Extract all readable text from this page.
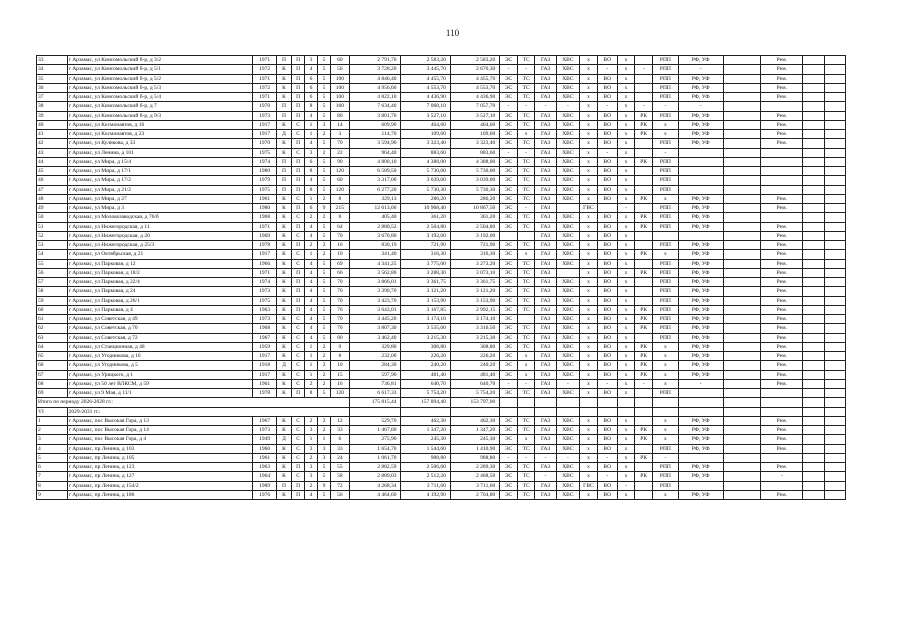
110
33	г Арзамас, ул Комсомольский б-р, д 3/2	1971	П	П	3	5	60	2 791,70	2 583,20	2 583,20	ЭС	ТС	ГАЗ	ХВС	х	ВО	х		РПП	РФ, УФ		Рем.		
34	г Арзамас, ул Комсомольский б-р, д 5/1	1972	К	П	4	5	56	3 728,20	3 445,70	2 670,30	-	-	ГАЗ	ХВС	х	-	х	-	РПП	-		Рем.		
35	г Арзамас, ул Комсомольский б-р, д 5/2	1971	К	П	6	5	100	4 846,40	4 455,70	4 455,70	ЭС	ТС	ГАЗ	ХВС	х	ВО	х		РПП	РФ, УФ		Рем.		
36	г Арзамас, ул Комсомольский б-р, д 5/3	1972	К	П	6	5	100	4 956,60	4 553,70	4 553,70	ЭС	ТС	ГАЗ	ХВС	х	ВО	х		РПП	РФ, УФ		Рем.		
37	г Арзамас, ул Комсомольский б-р, д 5/4	1971	К	П	6	5	100	4 822,10	4 436,90	4 436,90	ЭС	ТС	ГАЗ	ХВС	х	ВО	х		РПП	РФ, УФ		Рем.		
38	г Арзамас, ул Комсомольский б-р, д 7	1970	П	П	8	5	160	7 634,40	7 068,10	7 057,70	-	-	-	-	х	-	х	-	-	-				
39	г Арзамас, ул Комсомольский б-р, д 9/3	1973	П	П	4	5	80	3 801,70	3 527,10	3 527,10	ЭС	ТС	ГАЗ	ХВС	х	ВО	х	РК	РПП	РФ, УФ		Рем.		
40	г Арзамас, ул Космонавтов, д 16	1917	К	С	1	3	14	609,90	464,60	464,60	ЭС	ТС	ГАЗ	ХВС	х	ВО	х	РК	х	РФ, УФ		Рем.		
41	г Арзамас, ул Космонавтов, д 23	1917	Д	С	1	2	3	114,70	109,60	109,60	ЭС	х	ГАЗ	ХВС	х	ВО	х	РК	х	РФ, УФ		Рем.		
42	г Арзамас, ул Куликова, д 33	1970	К	П	4	5	70	3 594,90	3 323,40	3 323,40	ЭС	ТС	ГАЗ	ХВС	х	ВО	х		РПП	РФ, УФ		Рем.		
43	г Арзамас, ул Ленина, д 101	1975	К	С	3	2	22	964,40	883,60	883,60	-	-	ГАЗ	ХВС	х	-	х		-					
44	г Арзамас, ул Мира, д 15/4	1974	П	П	6	5	90	4 800,10	4 388,00	4 388,00	ЭС	ТС	ГАЗ	ХВС	х	ВО	х	РК	РПП					
45	г Арзамас, ул Мира, д 17/1	1980	П	П	8	5	120	6 589,50	5 730,00	5 730,00	ЭС	ТС	ГАЗ	ХВС	х	ВО	х		РПП					
46	г Арзамас, ул Мира, д 17/2	1979	П	П	4	5	60	3 317,00	3 039,00	3 039,00	ЭС	ТС	ГАЗ	ХВС	х	ВО	х		РПП					
47	г Арзамас, ул Мира, д 21/2	1975	П	П	8	5	120	6 277,20	5 730,30	5 730,30	ЭС	ТС	ГАЗ	ХВС	х	ВО	х		РПП					
48	г Арзамас, ул Мира, д 27	1961	К	С	1	2	8	329,13	286,20	286,20	ЭС	ТС	ГАЗ	ХВС	х	ВО	х	РК	х	РФ, УФ		Рем.		
49	г Арзамас, ул Мира, д 3	1980	К	П	6	9	215	12 613,66	10 968,40	10 867,50	ЭС	-	ГАЗ		ГВС		-		РПП	РФ, УФ		Рем.		
50	г Арзамас, ул Молокозаводская, д 76/б	1968	К	С	2	2	8	405,40	361,20	361,20	ЭС	ТС	ГАЗ	ХВС	х	ВО	х	РК	РПП	РФ, УФ				
51	г Арзамас, ул Нижегородская, д 11	1971	К	П	4	5	64	2 880,52	2 504,80	2 504,80	ЭС	ТС	ГАЗ	ХВС	х	ВО	х	РК	РПП	РФ, УФ		Рем.		
52	г Арзамас, ул Нижегородская, д 20	1969	К	С	4	5	70	3 670,80	3 192,00	3 192,00			ГАЗ	ХВС	х	ВО	х					Рем.		
53	г Арзамас, ул Нижегородская, д 25/3	1978	К	П	2	2	16	830,19	721,90	721,90	ЭС	ТС	ГАЗ	ХВС	х	ВО	х		РПП	РФ, УФ		Рем.		
54	г Арзамас, ул Октябрьская, д 21	1917	К	С	1	2	10	341,40	316,30	316,30	ЭС	х	ГАЗ	ХВС	х	ВО	х	РК	х	РФ, УФ		Рем.		
55	г Арзамас, ул Парковая, д 12	1966	К	С	4	5	69	4 341,25	3 775,00	3 273,20	ЭС	ТС	ГАЗ	ХВС	х	ВО	х		РПП	РФ, УФ		Рем.		
56	г Арзамас, ул Парковая, д 18/2	1971	К	П	4	5	66	3 562,80	3 288,30	3 073,10	ЭС	ТС	ГАЗ		х	ВО	х	РК	РПП	РФ, УФ		Рем.		
57	г Арзамас, ул Парковая, д 22/4	1974	К	П	4	5	70	3 866,01	3 361,75	3 361,75	ЭС	ТС	ГАЗ	ХВС	х	ВО	х		РПП	РФ, УФ		Рем.		
58	г Арзамас, ул Парковая, д 24	1973	К	П	4	5	70	3 390,70	3 121,20	3 121,20	ЭС	ТС	ГАЗ	ХВС	х	ВО	х		РПП	РФ, УФ		Рем.		
59	г Арзамас, ул Парковая, д 26/1	1975	К	П	4	5	70	3 423,70	3 153,90	3 153,90	ЭС	ТС	ГАЗ	ХВС	х	ВО	х		РПП	РФ, УФ		Рем.		
60	г Арзамас, ул Парковая, д 4	1963	К	П	4	5	76	3 643,01	3 167,85	2 992,15	ЭС	ТС	ГАЗ	ХВС	х	ВО	х	РК	РПП	РФ, УФ		Рем.		
61	г Арзамас, ул Советская, д 49	1973	К	С	4	5	70	3 445,20	3 174,10	3 174,10	ЭС		ГАЗ	ХВС	х	ВО	х	РК	РПП	РФ, УФ		Рем.		
62	г Арзамас, ул Советская, д 70	1968	К	С	4	5	70	3 807,30	3 535,00	3 316,50	ЭС	ТС	ГАЗ	ХВС	х	ВО	х	РК	РПП	РФ, УФ		Рем.		
63	г Арзамас, ул Советская, д 72	1967	К	С	4	5	80	3 462,40	3 215,30	3 215,30	ЭС	ТС	ГАЗ	ХВС	х	ВО	х		РПП	РФ, УФ		Рем.		
64	г Арзамас, ул Станционная, д 48	1959	К	С	1	2	9	329,80	308,80	308,80	ЭС	ТС	ГАЗ	ХВС	х	ВО	х	РК	х	РФ, УФ		Рем.		
65	г Арзамас, ул Угодникова, д 16	1917	К	С	1	2	8	232,00	226,20	226,20	ЭС	х	ГАЗ	ХВС	х	ВО	х	РК	х	РФ, УФ		Рем.		
66	г Арзамас, ул Угодникова, д 5	1918	Д	С	1	2	10	284,30	240,20	240,20	ЭС	х	ГАЗ	ХВС	х	ВО	х	РК	х	РФ, УФ		Рем.		
67	г Арзамас, ул Урицкого, д 1	1917	К	С	1	2	15	597,90	481,40	481,40	ЭС	х	ГАЗ	ХВС	х	ВО	х	РК	х	РФ, УФ		Рем.		
68	г Арзамас, ул 50 лет ВЛКСМ, д 59	1961	К	С	2	2	16	736,81	640,70	640,70	-	-	ГАЗ	-	х	-	х	-	х	-		Рем.		
69	г Арзамас, ул 9 Мая, д 11/1	1978	К	П	8	5	120	6 617,33	5 754,20	5 754,20	ЭС	ТС	ГАЗ	ХВС	х	ВО	х		РПП					
Итого по периоду 2026-2028 гг.:								175 815,44	157 894,40	153 797,00														
VI	2029-2031 гг.:																							
1	г Арзамас, пос Высокая Гора, д 13	1967	К	С	2	2	12	529,70	462,30	462,30	ЭС	ТС	ГАЗ	ХВС	х	ВО	х		х	РФ, УФ		Рем.		
2	г Арзамас, пос Высокая Гора, д 14	1973	К	С	3	2	33	1 467,60	1 347,20	1 347,20	ЭС	ТС	ГАЗ	ХВС	х	ВО	х	РК	х	РФ, УФ		Рем.		
3	г Арзамас, пос Высокая Гора, д 4	1949	Д	С	1	1	6	275,90	245,30	245,30	ЭС	х	ГАЗ	ХВС	х	ВО	х	РК	х	РФ, УФ		Рем.		
4	г Арзамас, пр Ленина, д 103	1960	К	С	3	3	33	1 654,70	1 544,60	1 410,90	ЭС	ТС	ГАЗ	ХВС	х	ВО	х		РПП	РФ, УФ		Рем.		
5	г Арзамас, пр Ленина, д 105	1961	К	С	2	3	24	1 061,70	988,80	988,80	-	-	-	-	х	-	х	РК	-					
6	г Арзамас, пр Ленина, д 123	1963	К	П	3	5	55	2 882,59	2 506,60	2 289,30	ЭС	ТС	ГАЗ	ХВС	х	ВО	х		РПП	РФ, УФ		Рем.		
7	г Арзамас, пр Ленина, д 127	1964	К	С	3	5	58	2 889,03	2 512,20	2 468,50	ЭС	ТС	-	ХВС	х	-	х	РК	РПП	РФ, УФ		-		
8	г Арзамас, пр Ленина, д 154/2	1989	П	П	2	9	72	4 268,34	3 711,60	3 711,60	ЭС	ТС	ГАЗ	ХВС	ГВС	ВО	-		РПП					
9	г Арзамас, пр Ленина, д 186	1976	К	П	4	5	56	4 464,60	4 192,90	2 704,80	ЭС	ТС	ГАЗ	ХВС	х	ВО	х		х	РФ, УФ		Рем.		
